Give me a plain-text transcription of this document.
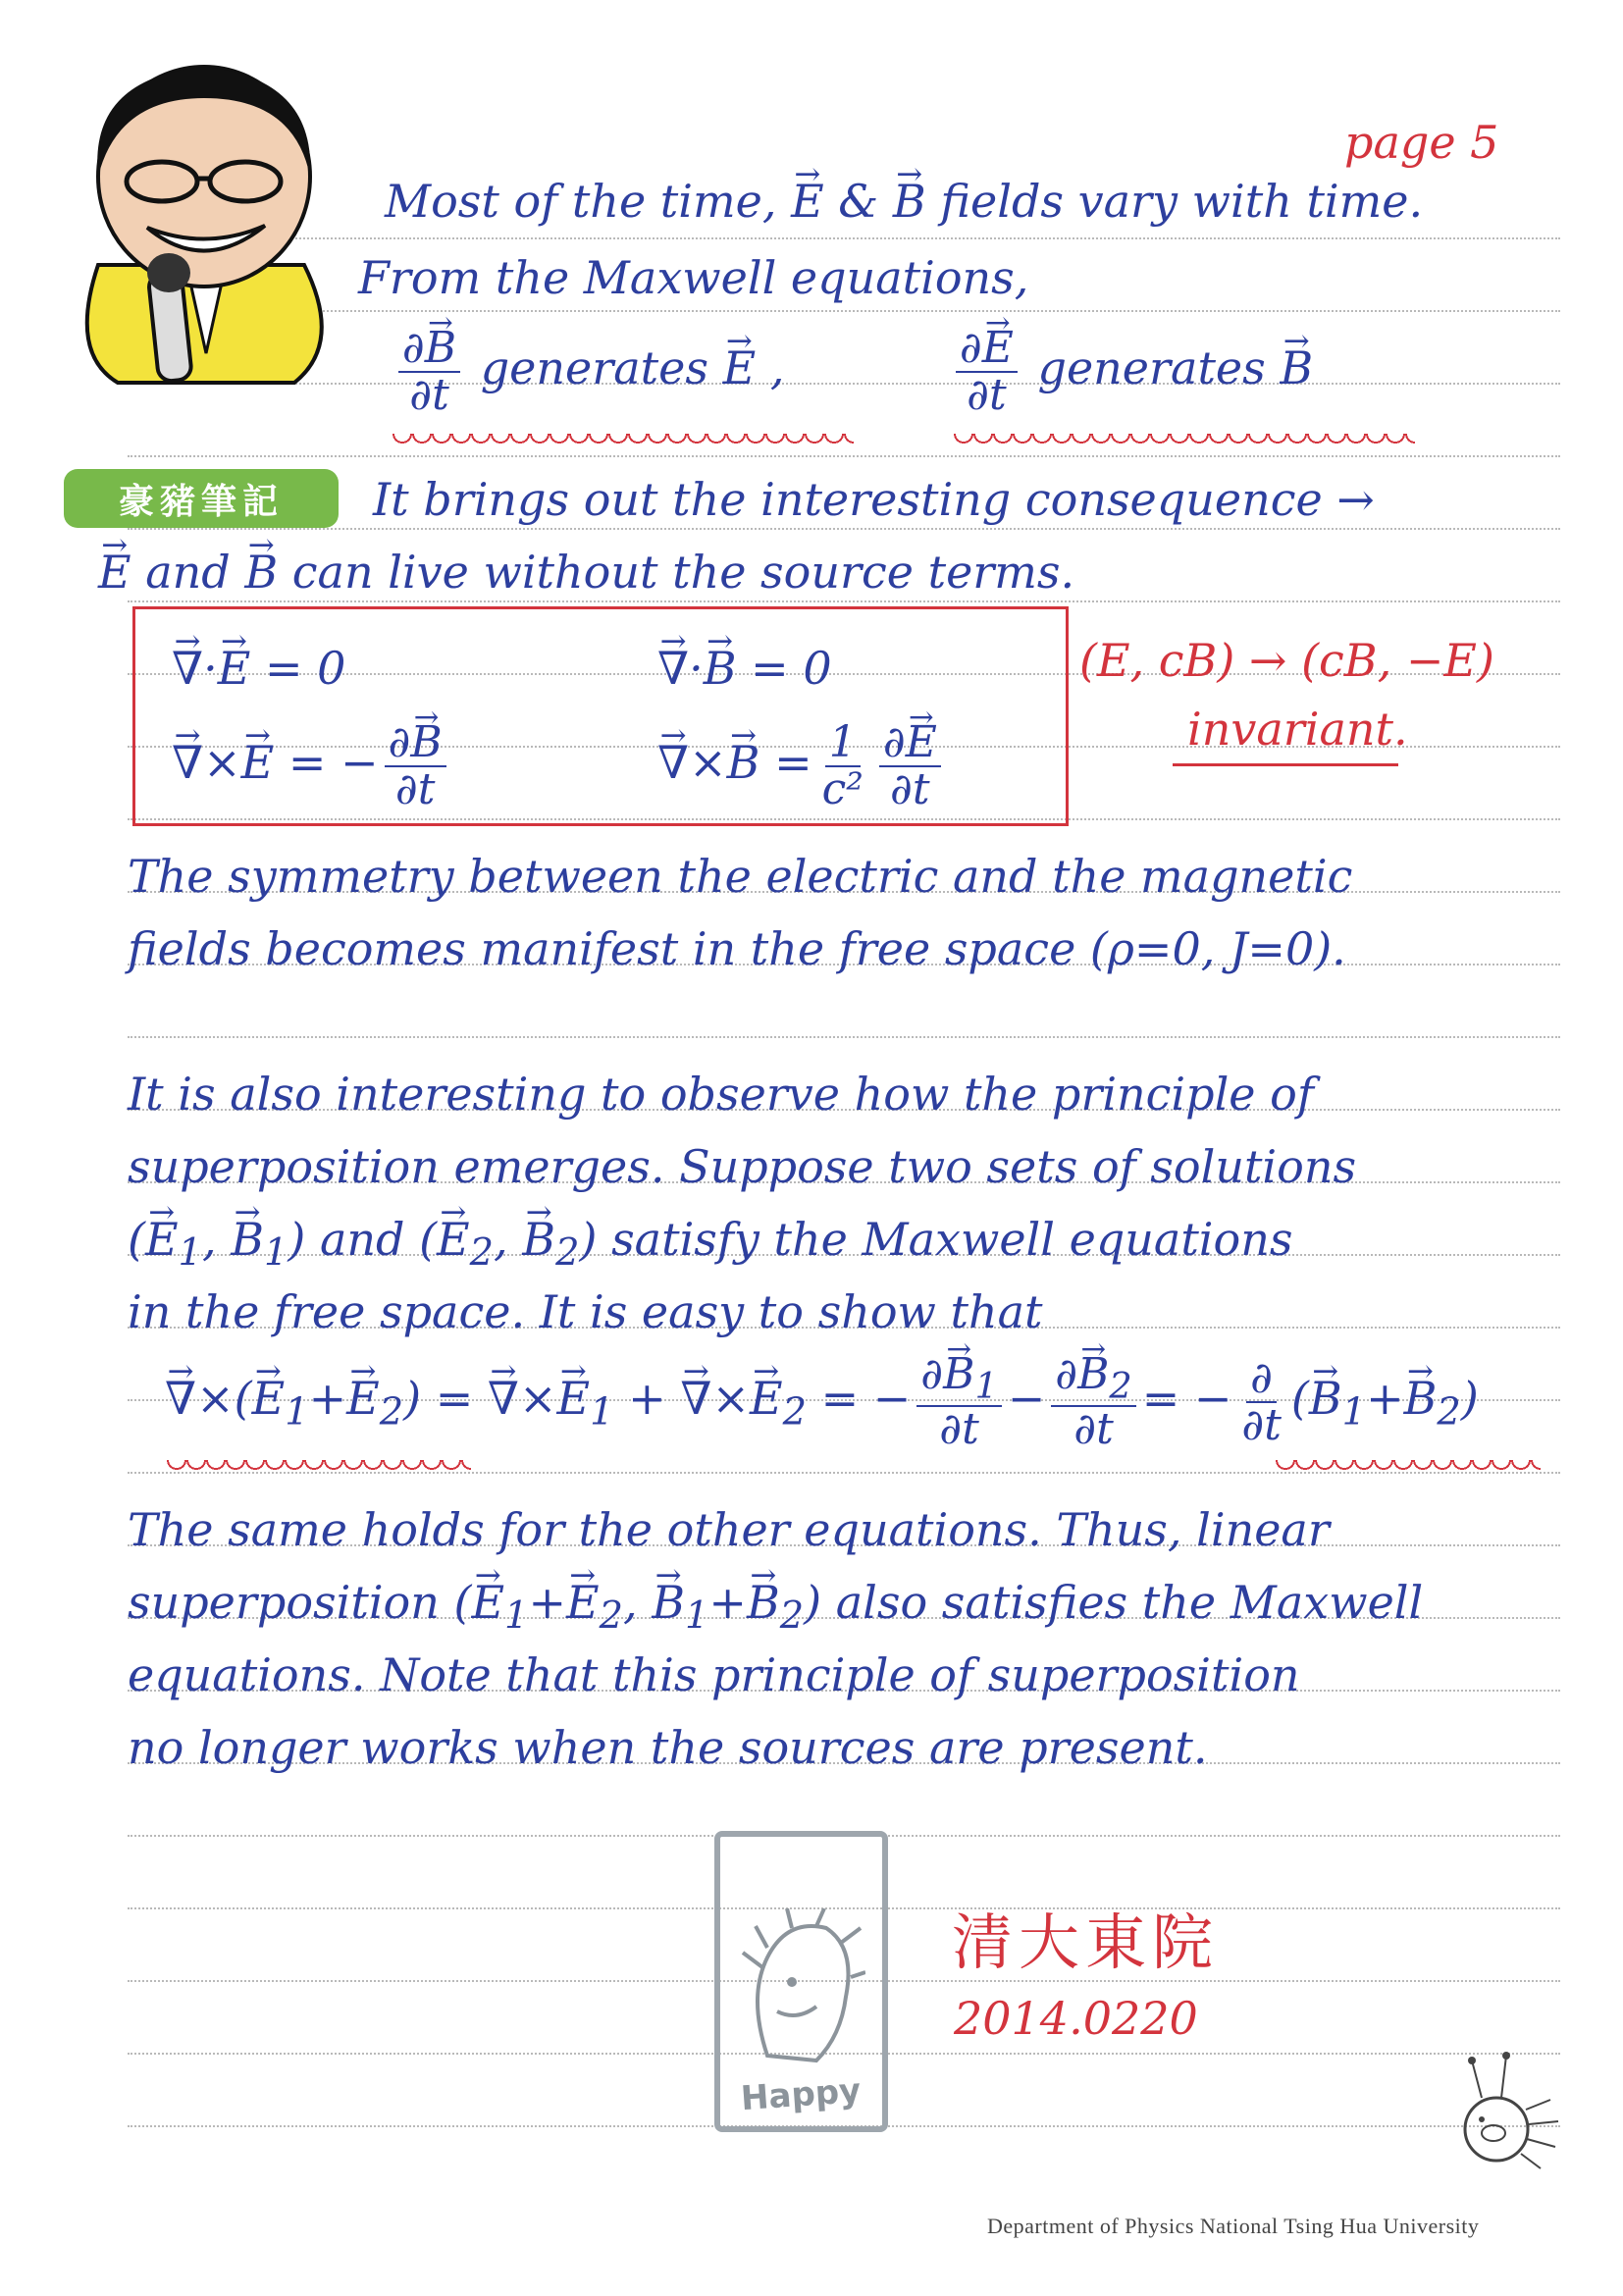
豪豬筆記
page 5
Most of the time, → E & → B fields vary with time.
From the Maxwell equations,
$\frac{\partial\to B}{\partial t}$ generates → E ,	$\frac{\partial\to E}{\partial t}$ generates → B
It brings out the interesting consequence →
→ E and → B can live without the source terms.
→ ∇·→ E = 0	→ ∇·→ B = 0
→ ∇×→ E = − $\frac{\partial\to B}{\partial t}$	→ ∇×→ $B = \frac{1}{\text{c²}} \frac{\partial\to E}{\partial t}$
(E, cB) → (cB, −E)
invariant.
The symmetry between the electric and the magnetic
fields becomes manifest in the free space (ρ=0, J=0).
It is also interesting to observe how the principle of
superposition emerges. Suppose two sets of solutions
(→ $E_1$, → $B_1$) and (→ $E_2$, → $B_2$) satisfy the Maxwell equations
in the free space. It is easy to show that
→ ∇×(→ $E_1+\to E_2$) = → ∇×→ $E_1$ + → ∇×→ $E_2$ = − $\frac{\partial\to B_1}{\partial t} - \frac{\partial\to B_2}{\partial t}$ = − $\frac{\partial}{\partial t}$ (→ $B_1+\to B_2$)
The same holds for the other equations. Thus, linear
superposition (→ $E_1+\to E_2$, → $B_1+\to B_2$) also satisfies the Maxwell
equations. Note that this principle of superposition
no longer works when the sources are present.
Happy
清大東院
2014.0220
Department of Physics National Tsing Hua University
